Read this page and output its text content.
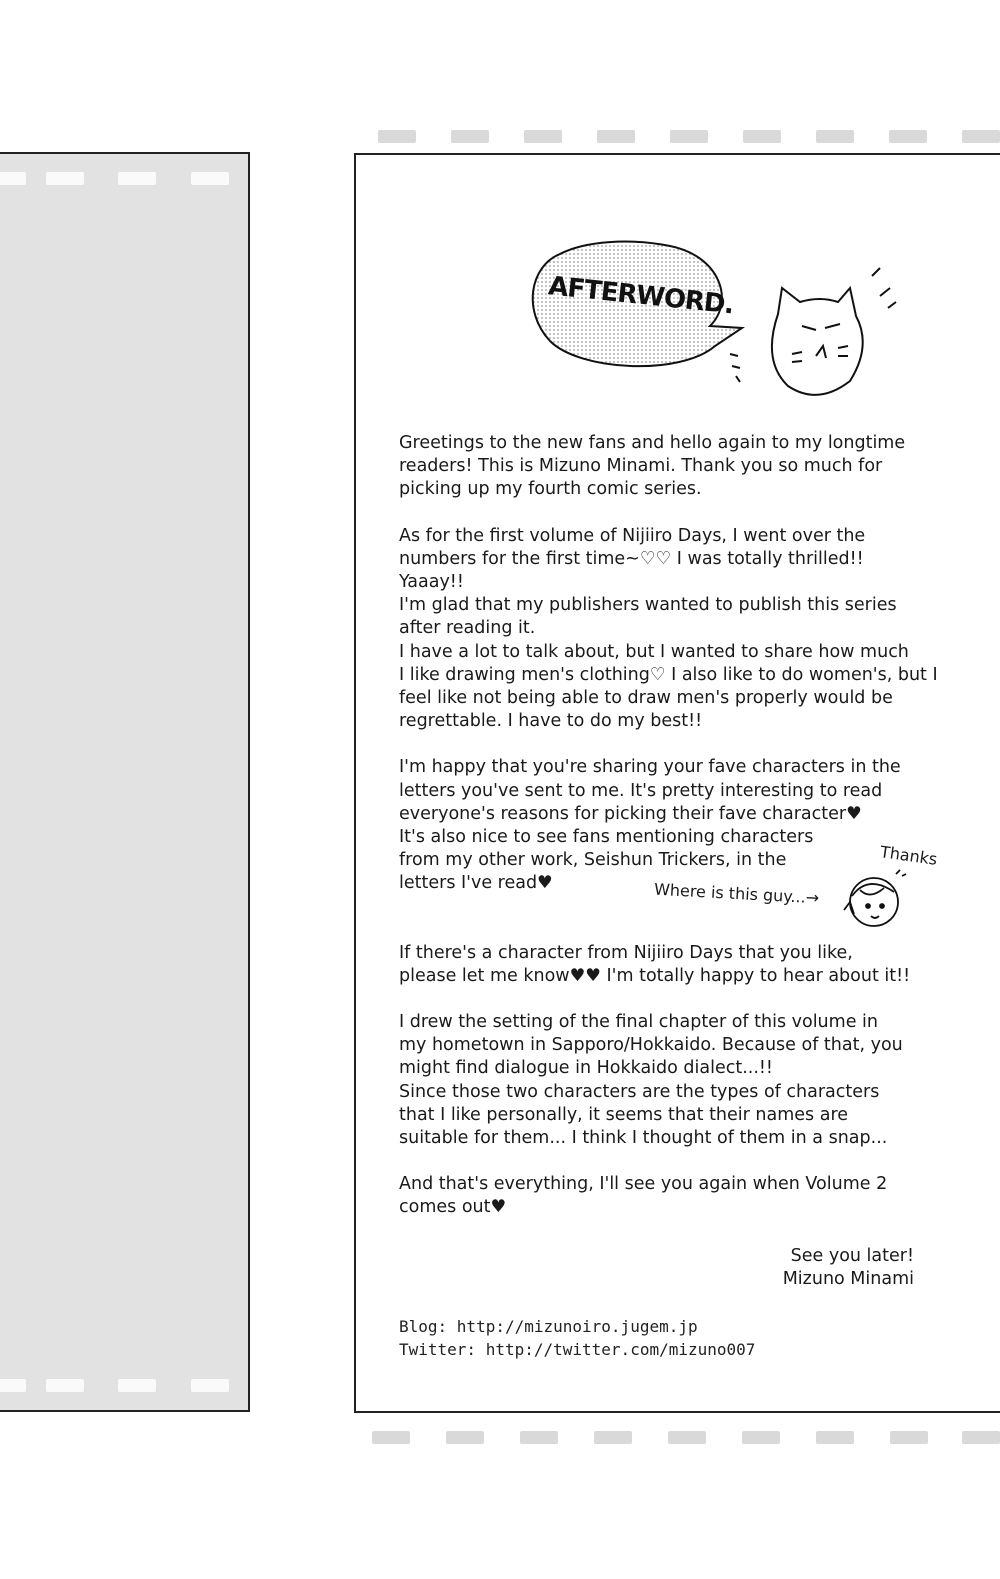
AFTERWORD.
Greetings to the new fans and hello again to my longtime
readers! This is Mizuno Minami. Thank you so much for
picking up my fourth comic series.
As for the first volume of Nijiiro Days, I went over the
numbers for the first time~♡♡ I was totally thrilled!!
Yaaay!!
I'm glad that my publishers wanted to publish this series
after reading it.
I have a lot to talk about, but I wanted to share how much
I like drawing men's clothing♡ I also like to do women's, but I
feel like not being able to draw men's properly would be
regrettable. I have to do my best!!
I'm happy that you're sharing your fave characters in the
letters you've sent to me. It's pretty interesting to read
everyone's reasons for picking their fave character♥
It's also nice to see fans mentioning characters
from my other work, Seishun Trickers, in the
letters I've read♥
If there's a character from Nijiiro Days that you like,
please let me know♥♥ I'm totally happy to hear about it!!
I drew the setting of the final chapter of this volume in
my hometown in Sapporo/Hokkaido. Because of that, you
might find dialogue in Hokkaido dialect...!!
Since those two characters are the types of characters
that I like personally, it seems that their names are
suitable for them... I think I thought of them in a snap...
And that's everything, I'll see you again when Volume 2
comes out♥
Where is this guy...→
Thanks
See you later!
Mizuno Minami
Blog: http://mizunoiro.jugem.jp
Twitter: http://twitter.com/mizuno007
